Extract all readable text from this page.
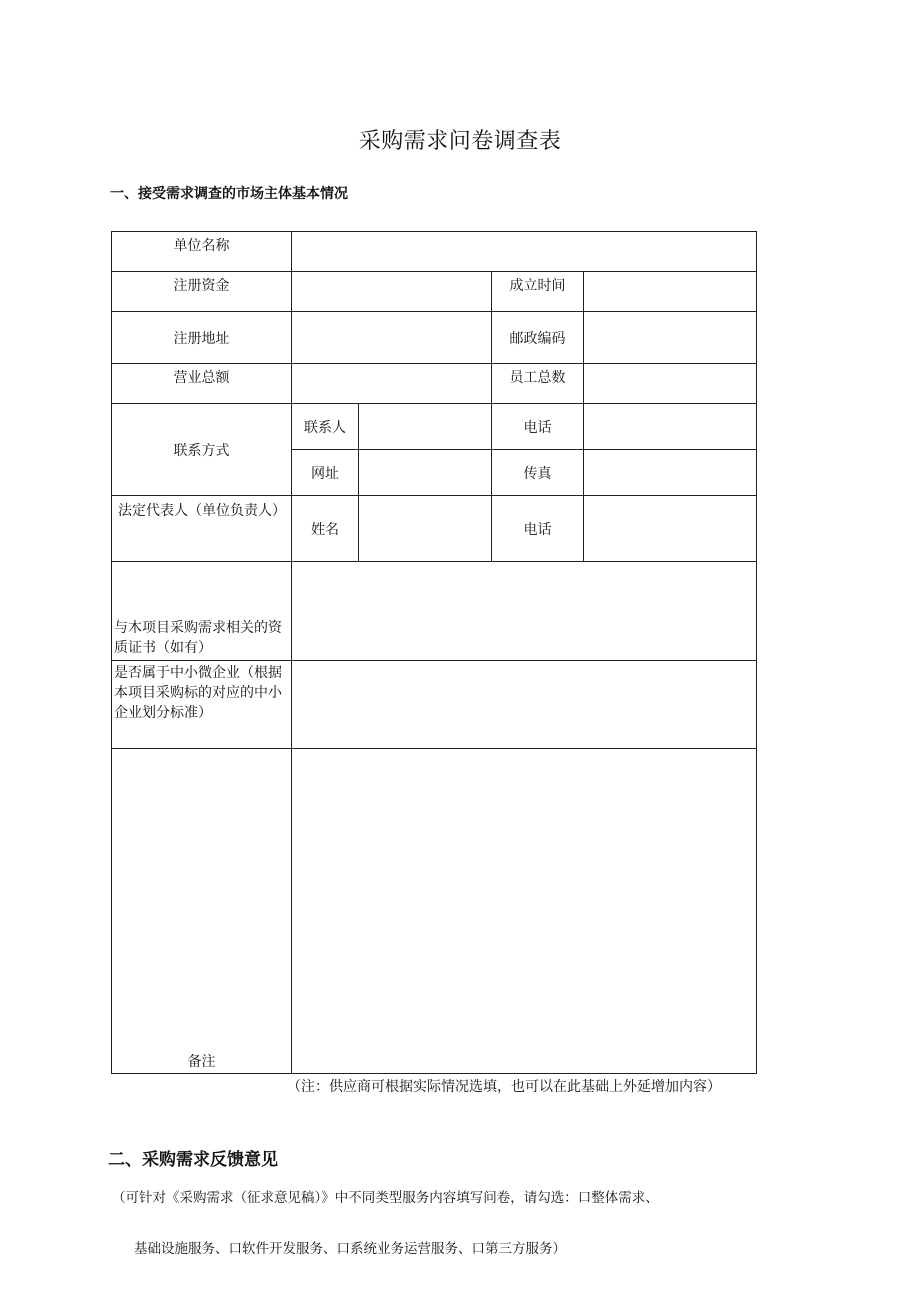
采购需求问卷调查表
一、接受需求调查的市场主体基本情况
单位名称
注册资金	成立时间
注册地址	邮政编码
营业总额	员工总数
联系方式
联系人	电话
网址	传真
法定代表人（单位负责人）
姓名	电话
与木项目采购需求相关的资质证书（如有）
是否属于中小微企业（根据本项目采购标的对应的中小企业划分标准）
备注
（注：供应商可根据实际情况选填，也可以在此基础上外延增加内容）
二、采购需求反馈意见
（可针对《采购需求（征求意见稿）》中不同类型服务内容填写问卷，请勾选：口整体需求、
基础设施服务、口软件开发服务、口系统业务运营服务、口第三方服务）
